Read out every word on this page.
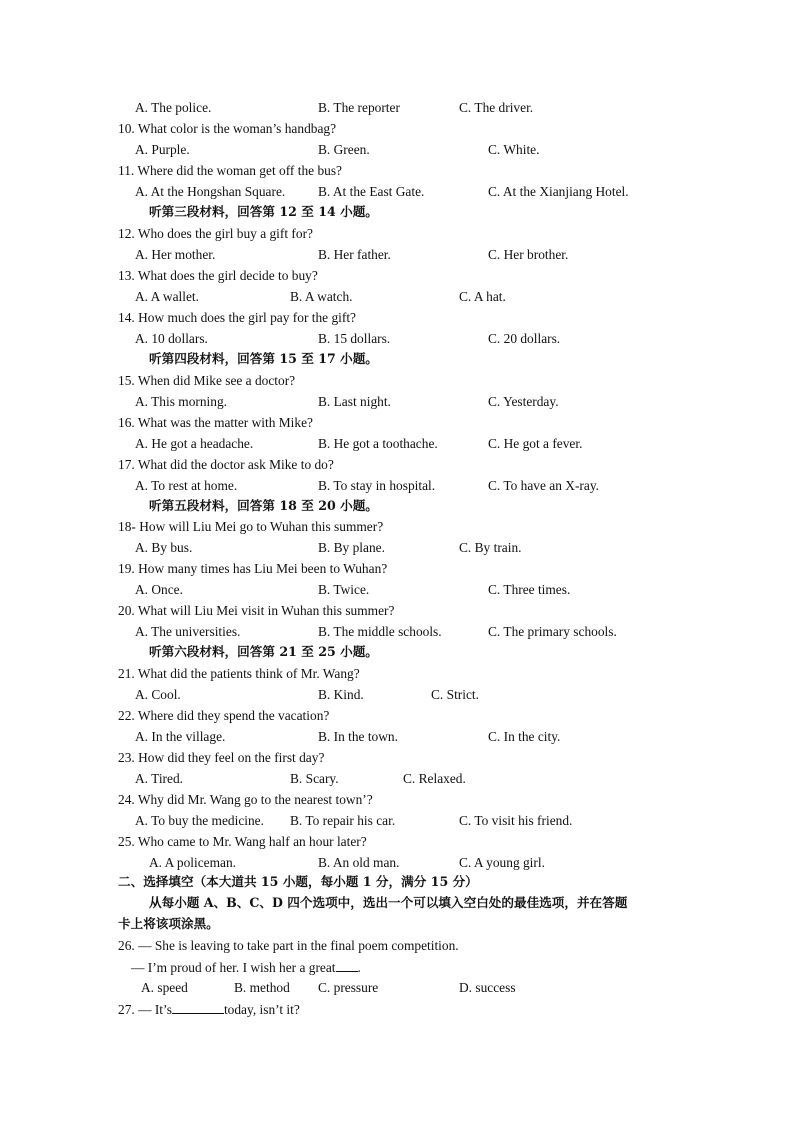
A. The police.	B. The reporter	C. The driver.
10. What color is the woman’s handbag?
A. Purple.	B. Green.	C. White.
11. Where did the woman get off the bus?
A. At the Hongshan Square. B. At the East Gate.	C. At the Xianjiang Hotel.
听第三段材料，回答第 12 至 14 小题。
12. Who does the girl buy a gift for?
A. Her mother.	B. Her father.	C. Her brother.
13. What does the girl decide to buy?
A. A wallet.	B. A watch.	C. A hat.
14. How much does the girl pay for the gift?
A. 10 dollars.	B. 15 dollars.	C. 20 dollars.
听第四段材料，回答第 15 至 17 小题。
15. When did Mike see a doctor?
A. This morning.	B. Last night.	C. Yesterday.
16. What was the matter with Mike?
A. He got a headache.	B. He got a toothache.	C. He got a fever.
17. What did the doctor ask Mike to do?
A. To rest at home.	B. To stay in hospital.	C. To have an X-ray.
听第五段材料，回答第 18 至 20 小题。
18- How will Liu Mei go to Wuhan this summer?
A. By bus.	B. By plane.	C. By train.
19. How many times has Liu Mei been to Wuhan?
A. Once.	B. Twice.	C. Three times.
20. What will Liu Mei visit in Wuhan this summer?
A. The universities.	B. The middle schools.	C. The primary schools.
听第六段材料，回答第 21 至 25 小题。
21. What did the patients think of Mr. Wang?
A. Cool.	B. Kind.	C. Strict.
22. Where did they spend the vacation?
A. In the village.	B. In the town.	C. In the city.
23. How did they feel on the first day?
A. Tired.	B. Scary.	C. Relaxed.
24. Why did Mr. Wang go to the nearest town’?
A. To buy the medicine. B. To repair his car.	C. To visit his friend.
25. Who came to Mr. Wang half an hour later?
A. A policeman.	B. An old man.	C. A young girl.
二、选择填空（本大道共 15 小题，每小题 1 分，满分 15 分）
从每小题 A、B、C、D 四个选项中，选出一个可以填入空白处的最佳选项，并在答题
卡上将该项涂黑。
26. — She is leaving to take part in the final poem competition.
— I’m proud of her. I wish her a great .
A. speed	B. method C. pressure	D. success
27. — It’s	today, isn’t it?
